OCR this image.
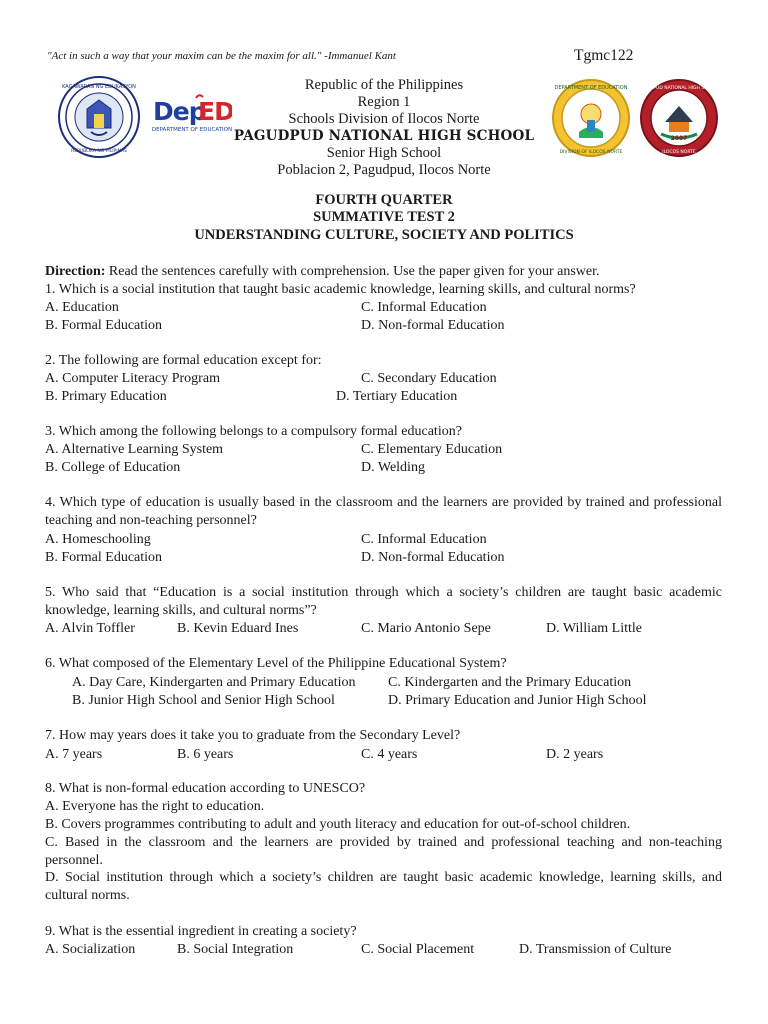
"Act in such a way that your maxim can be the maxim for all." -Immanuel Kant	Tgmc122
KAGAWARAN NG EDUKASYON
REPUBLIKA NG PILIPINAS
Dep
ED
DEPARTMENT OF EDUCATION
DEPARTMENT OF EDUCATION
DIVISION OF ILOCOS NORTE
2007
PAGUDPUD NATIONAL HIGH SCHOOL
ILOCOS NORTE
Republic of the Philippines
Region 1
Schools Division of Ilocos Norte
PAGUDPUD NATIONAL HIGH SCHOOL
Senior High School
Poblacion 2, Pagudpud, Ilocos Norte
FOURTH QUARTER
SUMMATIVE TEST 2
UNDERSTANDING CULTURE, SOCIETY AND POLITICS
Direction: Read the sentences carefully with comprehension. Use the paper given for your answer.
1. Which is a social institution that taught basic academic knowledge, learning skills, and cultural norms?
A. Education	C. Informal Education
B. Formal Education	D. Non-formal Education
2. The following are formal education except for:
A. Computer Literacy Program	C. Secondary Education
B. Primary Education	D. Tertiary Education
3. Which among the following belongs to a compulsory formal education?
A. Alternative Learning System	C. Elementary Education
B. College of Education	D. Welding
4. Which type of education is usually based in the classroom and the learners are provided by trained and professional teaching and non-teaching personnel?
A. Homeschooling	C. Informal Education
B. Formal Education	D. Non-formal Education
5. Who said that “Education is a social institution through which a society’s children are taught basic academic knowledge, learning skills, and cultural norms”?
A. Alvin Toffler	B. Kevin Eduard Ines	C. Mario Antonio Sepe	D. William Little
6. What composed of the Elementary Level of the Philippine Educational System?
A. Day Care, Kindergarten and Primary Education C. Kindergarten and the Primary Education
B. Junior High School and Senior High School	D. Primary Education and Junior High School
7. How may years does it take you to graduate from the Secondary Level?
A. 7 years	B. 6 years	C. 4 years	D. 2 years
8. What is non-formal education according to UNESCO?
A. Everyone has the right to education.
B. Covers programmes contributing to adult and youth literacy and education for out-of-school children.
C. Based in the classroom and the learners are provided by trained and professional teaching and non-teaching personnel.
D. Social institution through which a society’s children are taught basic academic knowledge, learning skills, and cultural norms.
9. What is the essential ingredient in creating a society?
A. Socialization	B. Social Integration	C. Social Placement	D. Transmission of Culture
